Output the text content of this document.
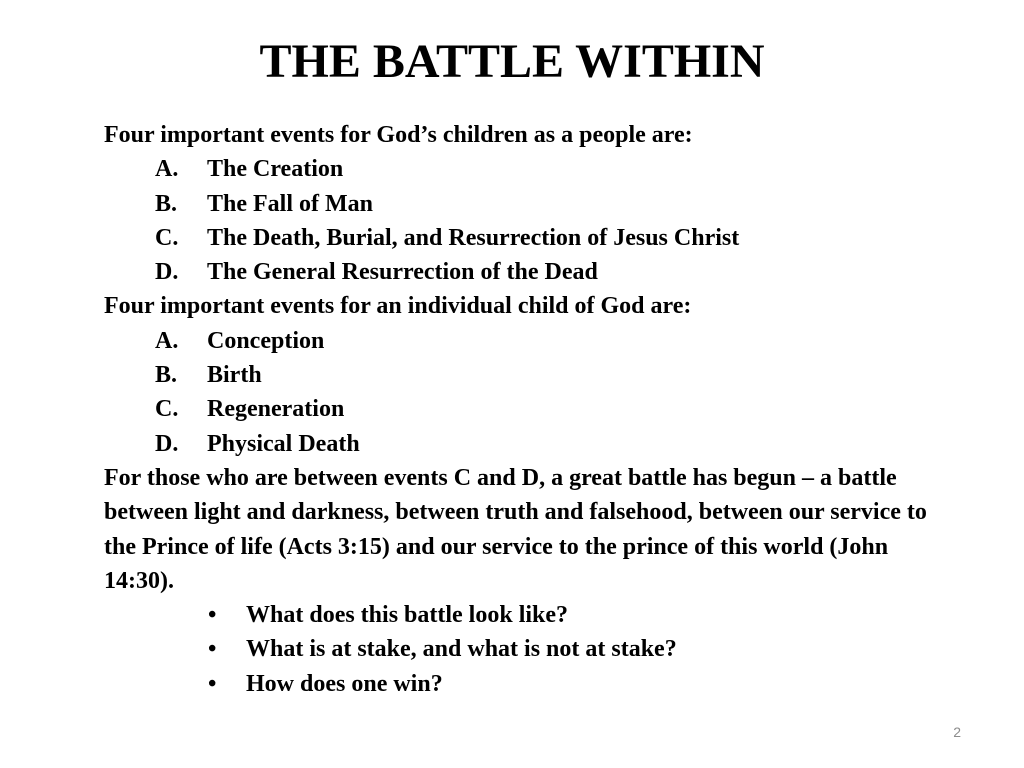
THE BATTLE WITHIN

Four important events for God’s children as a people are:

A. The Creation
B. The Fall of Man
C. The Death, Burial, and Resurrection of Jesus Christ
D. The General Resurrection of the Dead

Four important events for an individual child of God are:

A. Conception
B. Birth
C. Regeneration
D. Physical Death

For those who are between events C and D, a great battle has begun – a battle between light and darkness, between truth and falsehood, between our service to the Prince of life (Acts 3:15) and our service to the prince of this world (John 14:30).

• What does this battle look like?
• What is at stake, and what is not at stake?
• How does one win?
2
